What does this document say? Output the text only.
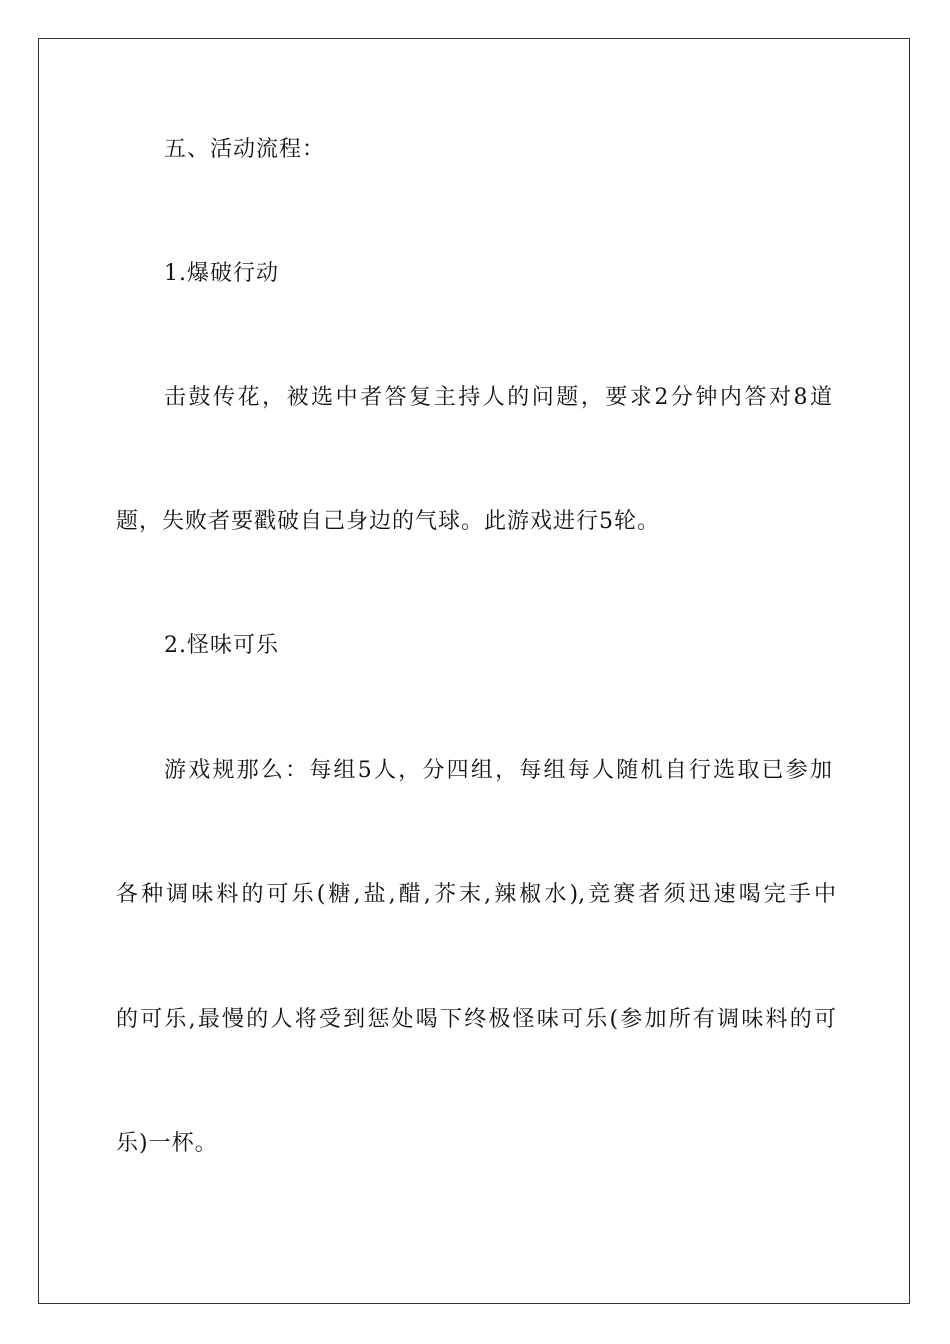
五、活动流程：
1.爆破行动
击鼓传花，被选中者答复主持人的问题，要求2分钟内答对8道
题，失败者要戳破自己身边的气球。此游戏进行5轮。
2.怪味可乐
游戏规那么：每组5人，分四组，每组每人随机自行选取已参加
各种调味料的可乐(糖,盐,醋,芥末,辣椒水),竞赛者须迅速喝完手中
的可乐,最慢的人将受到惩处喝下终极怪味可乐(参加所有调味料的可
乐)一杯。
